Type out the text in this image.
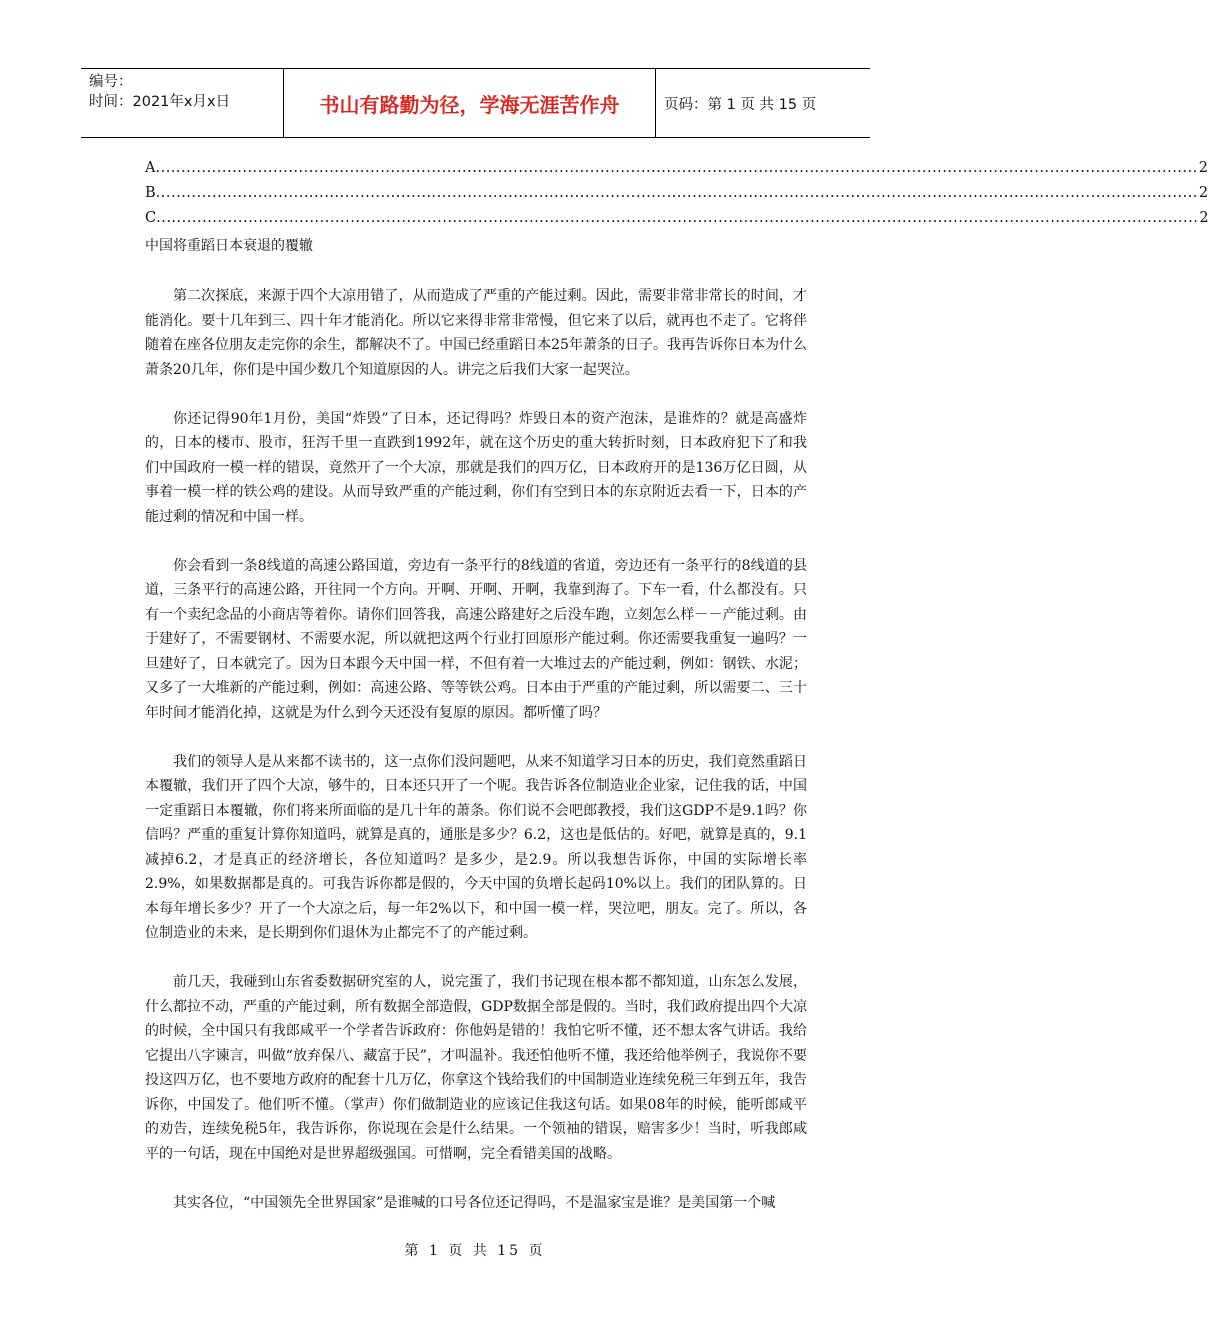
编号：
时间：2021年x月x日	书山有路勤为径，学海无涯苦作舟	页码：第 1 页 共 15 页
A ............................................................................................................................................................................................................ 2
B ............................................................................................................................................................................................................ 2
C ............................................................................................................................................................................................................ 2
中国将重蹈日本衰退的覆辙

第二次探底，来源于四个大凉用错了，从而造成了严重的产能过剩。因此，需要非常非常长的时间，才能消化。要十几年到三、四十年才能消化。所以它来得非常非常慢，但它来了以后，就再也不走了。它将伴随着在座各位朋友走完你的余生，都解决不了。中国已经重蹈日本25年萧条的日子。我再告诉你日本为什么萧条20几年，你们是中国少数几个知道原因的人。讲完之后我们大家一起哭泣。

你还记得90年1月份，美国“炸毁”了日本，还记得吗？炸毁日本的资产泡沫，是谁炸的？就是高盛炸的，日本的楼市、股市，狂泻千里一直跌到1992年，就在这个历史的重大转折时刻，日本政府犯下了和我们中国政府一模一样的错误，竟然开了一个大凉，那就是我们的四万亿，日本政府开的是136万亿日圆，从事着一模一样的铁公鸡的建设。从而导致严重的产能过剩，你们有空到日本的东京附近去看一下，日本的产能过剩的情况和中国一样。

你会看到一条8线道的高速公路国道，旁边有一条平行的8线道的省道，旁边还有一条平行的8线道的县道，三条平行的高速公路，开往同一个方向。开啊、开啊、开啊，我靠到海了。下车一看，什么都没有。只有一个卖纪念品的小商店等着你。请你们回答我，高速公路建好之后没车跑，立刻怎么样－－产能过剩。由于建好了，不需要钢材、不需要水泥，所以就把这两个行业打回原形产能过剩。你还需要我重复一遍吗？一旦建好了，日本就完了。因为日本跟今天中国一样，不但有着一大堆过去的产能过剩，例如：钢铁、水泥；又多了一大堆新的产能过剩，例如：高速公路、等等铁公鸡。日本由于严重的产能过剩，所以需要二、三十年时间才能消化掉，这就是为什么到今天还没有复原的原因。都听懂了吗？

我们的领导人是从来都不读书的，这一点你们没问题吧，从来不知道学习日本的历史，我们竟然重蹈日本覆辙，我们开了四个大凉，够牛的，日本还只开了一个呢。我告诉各位制造业企业家，记住我的话，中国一定重蹈日本覆辙，你们将来所面临的是几十年的萧条。你们说不会吧郎教授，我们这GDP不是9.1吗？你信吗？严重的重复计算你知道吗，就算是真的，通胀是多少？6.2，这也是低估的。好吧，就算是真的，9.1减掉6.2，才是真正的经济增长，各位知道吗？是多少，是2.9。所以我想告诉你，中国的实际增长率2.9%，如果数据都是真的。可我告诉你都是假的，今天中国的负增长起码10%以上。我们的团队算的。日本每年增长多少？开了一个大凉之后，每一年2%以下，和中国一模一样，哭泣吧，朋友。完了。所以，各位制造业的未来，是长期到你们退休为止都完不了的产能过剩。

前几天，我碰到山东省委数据研究室的人，说完蛋了，我们书记现在根本都不都知道，山东怎么发展，什么都拉不动，严重的产能过剩，所有数据全部造假，GDP数据全部是假的。当时，我们政府提出四个大凉的时候，全中国只有我郎咸平一个学者告诉政府：你他妈是错的！我怕它听不懂，还不想太客气讲话。我给它提出八字谏言，叫做“放弃保八、藏富于民”，才叫温补。我还怕他听不懂，我还给他举例子，我说你不要投这四万亿，也不要地方政府的配套十几万亿，你拿这个钱给我们的中国制造业连续免税三年到五年，我告诉你，中国发了。他们听不懂。（掌声）你们做制造业的应该记住我这句话。如果08年的时候，能听郎咸平的劝告，连续免税5年，我告诉你，你说现在会是什么结果。一个领袖的错误，赔害多少！当时，听我郎咸平的一句话，现在中国绝对是世界超级强国。可惜啊，完全看错美国的战略。

其实各位，“中国领先全世界国家”是谁喊的口号各位还记得吗，不是温家宝是谁？是美国第一个喊

第 1 页 共 15 页
